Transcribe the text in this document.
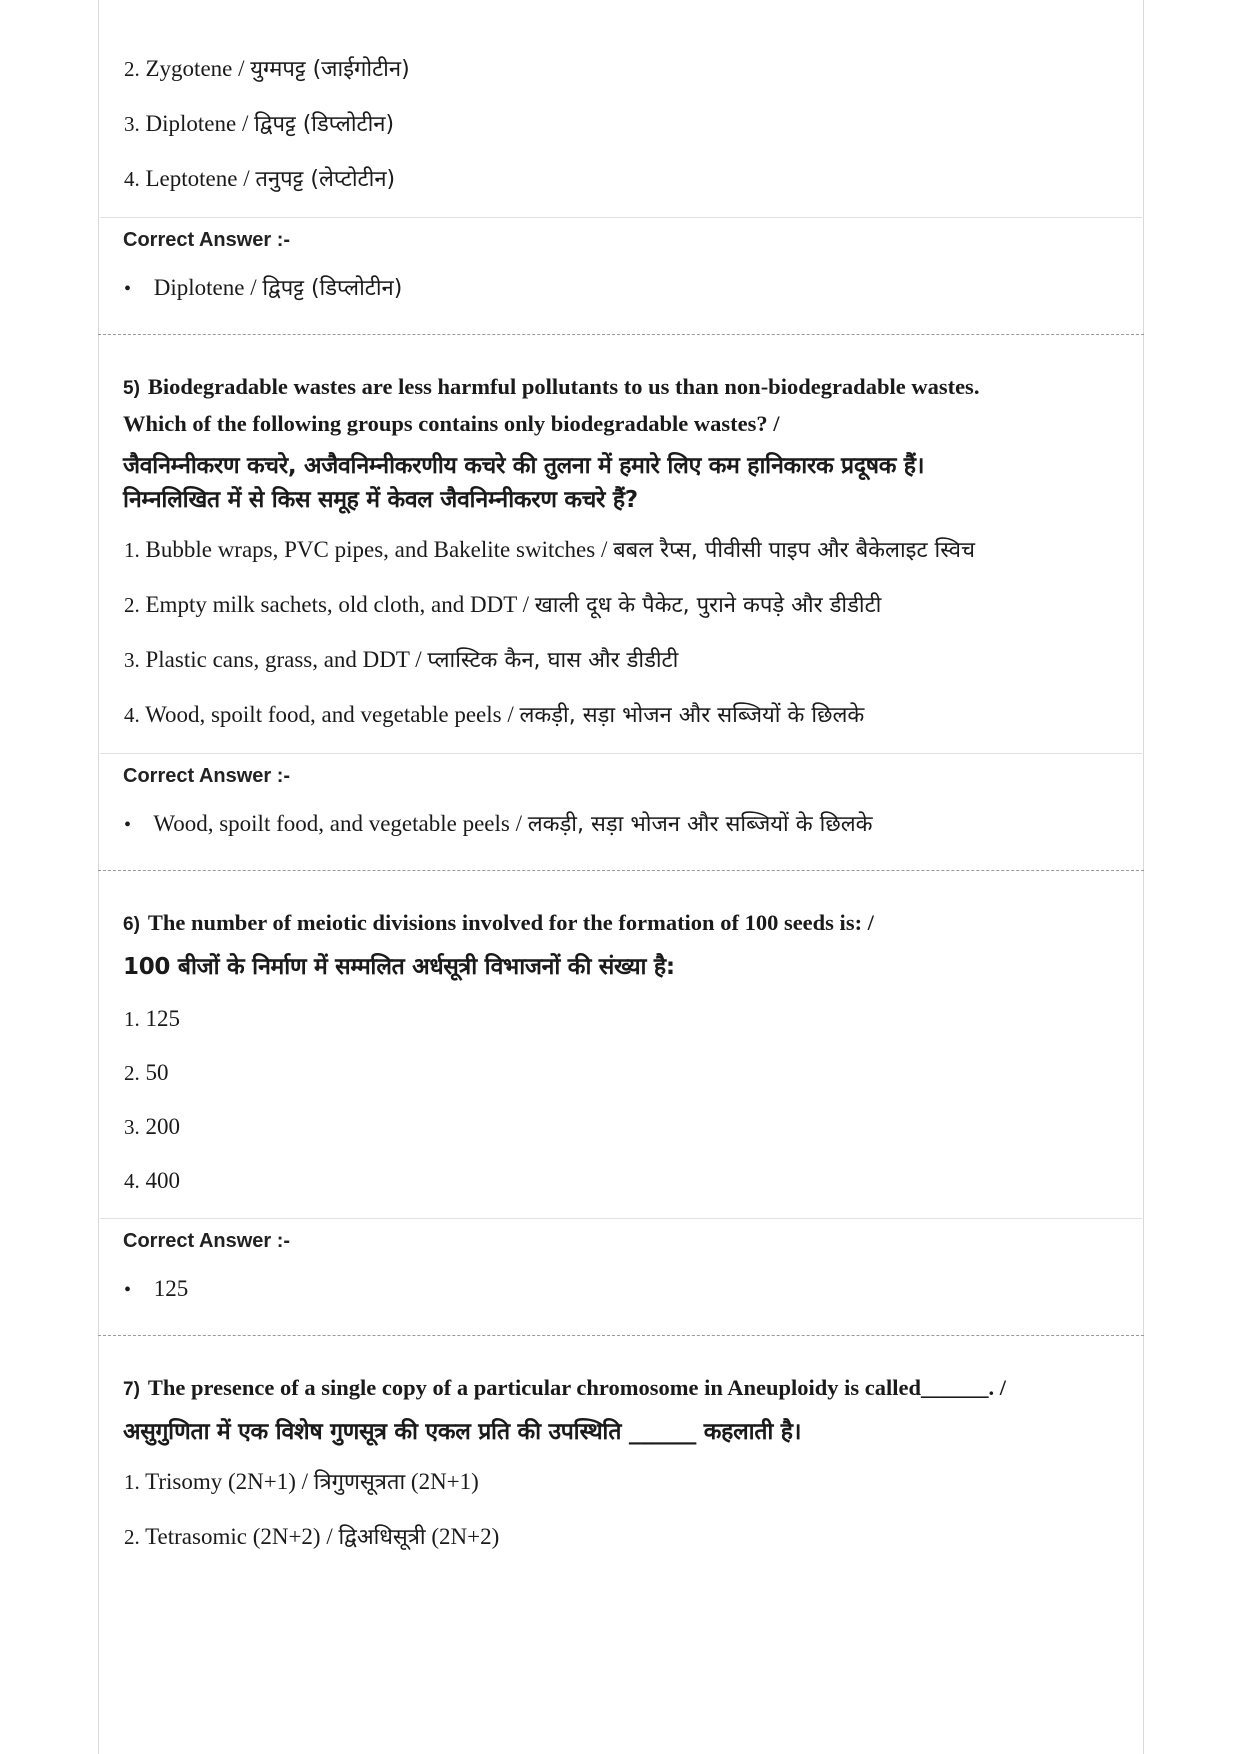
2. Zygotene / युग्मपट्ट (जाईगोटीन)
3. Diplotene / द्विपट्ट (डिप्लोटीन)
4. Leptotene / तनुपट्ट (लेप्टोटीन)
Correct Answer :-
• Diplotene / द्विपट्ट (डिप्लोटीन)
5) Biodegradable wastes are less harmful pollutants to us than non-biodegradable wastes.
Which of the following groups contains only biodegradable wastes? /
जैवनिम्नीकरण कचरे, अजैवनिम्नीकरणीय कचरे की तुलना में हमारे लिए कम हानिकारक प्रदूषक हैं।
निम्नलिखित में से किस समूह में केवल जैवनिम्नीकरण कचरे हैं?
1. Bubble wraps, PVC pipes, and Bakelite switches / बबल रैप्स, पीवीसी पाइप और बैकेलाइट स्विच
2. Empty milk sachets, old cloth, and DDT / खाली दूध के पैकेट, पुराने कपड़े और डीडीटी
3. Plastic cans, grass, and DDT / प्लास्टिक कैन, घास और डीडीटी
4. Wood, spoilt food, and vegetable peels / लकड़ी, सड़ा भोजन और सब्जियों के छिलके
Correct Answer :-
• Wood, spoilt food, and vegetable peels / लकड़ी, सड़ा भोजन और सब्जियों के छिलके
6) The number of meiotic divisions involved for the formation of 100 seeds is: /
100 बीजों के निर्माण में सम्मलित अर्धसूत्री विभाजनों की संख्या है:
1. 125
2. 50
3. 200
4. 400
Correct Answer :-
• 125
7) The presence of a single copy of a particular chromosome in Aneuploidy is called______. /
असुगुणिता में एक विशेष गुणसूत्र की एकल प्रति की उपस्थिति ______ कहलाती है।
1. Trisomy (2N+1) / त्रिगुणसूत्रता (2N+1)
2. Tetrasomic (2N+2) / द्विअधिसूत्री (2N+2)
